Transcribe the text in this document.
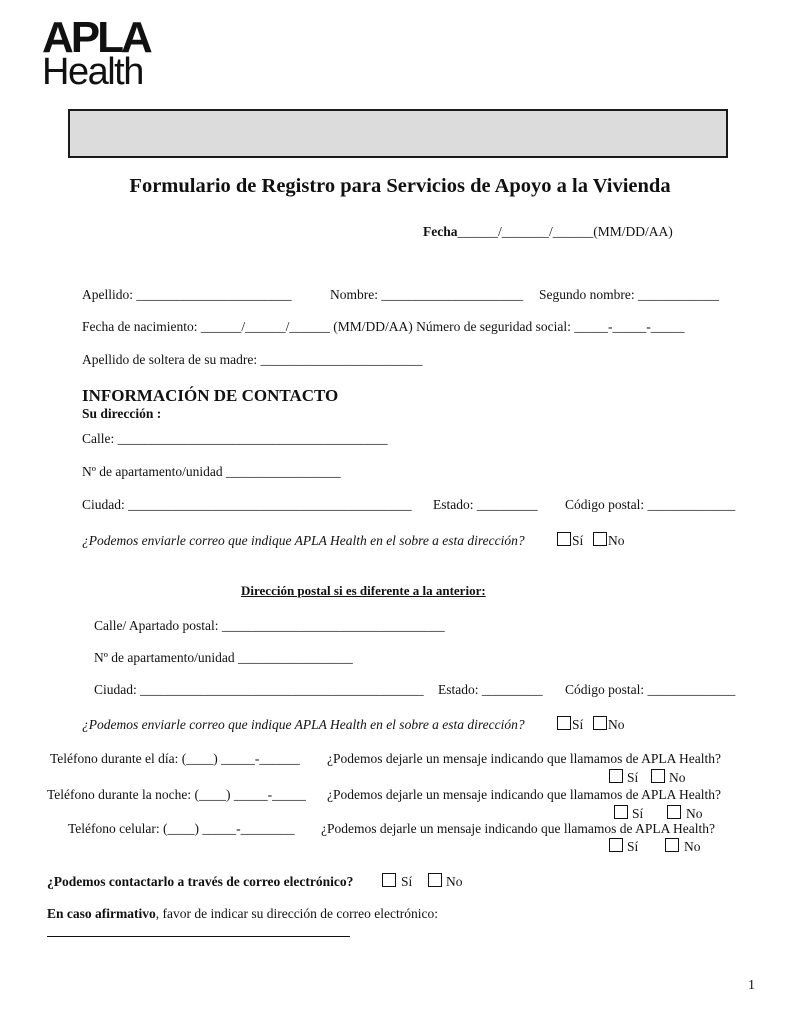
APLA
Health
Formulario de Registro para Servicios de Apoyo a la Vivienda
Fecha______/_______/______(MM/DD/AA)
Apellido: _______________________	Nombre: _____________________ Segundo nombre: ____________
Fecha de nacimiento: ______/______/______ (MM/DD/AA) Número de seguridad social: _____-_____-_____
Apellido de soltera de su madre: ________________________
INFORMACIÓN DE CONTACTO
Su dirección :
Calle: ________________________________________
Nº de apartamento/unidad _________________
Ciudad: __________________________________________ Estado: _________ Código postal: _____________
¿Podemos enviarle correo que indique APLA Health en el sobre a esta dirección?	Sí No
Dirección postal si es diferente a la anterior:
Calle/ Apartado postal: _________________________________
Nº de apartamento/unidad _________________
Ciudad: __________________________________________ Estado: _________ Código postal: _____________
¿Podemos enviarle correo que indique APLA Health en el sobre a esta dirección?	Sí No
Teléfono durante el día: (____) _____-______ ¿Podemos dejarle un mensaje indicando que llamamos de APLA Health?
Sí No
Teléfono durante la noche: (____) _____-_____ ¿Podemos dejarle un mensaje indicando que llamamos de APLA Health?
Sí	No
Teléfono celular: (____) _____-________ ¿Podemos dejarle un mensaje indicando que llamamos de APLA Health?
Sí	No
¿Podemos contactarlo a través de correo electrónico?	Sí No
En caso afirmativo, favor de indicar su dirección de correo electrónico:
1
